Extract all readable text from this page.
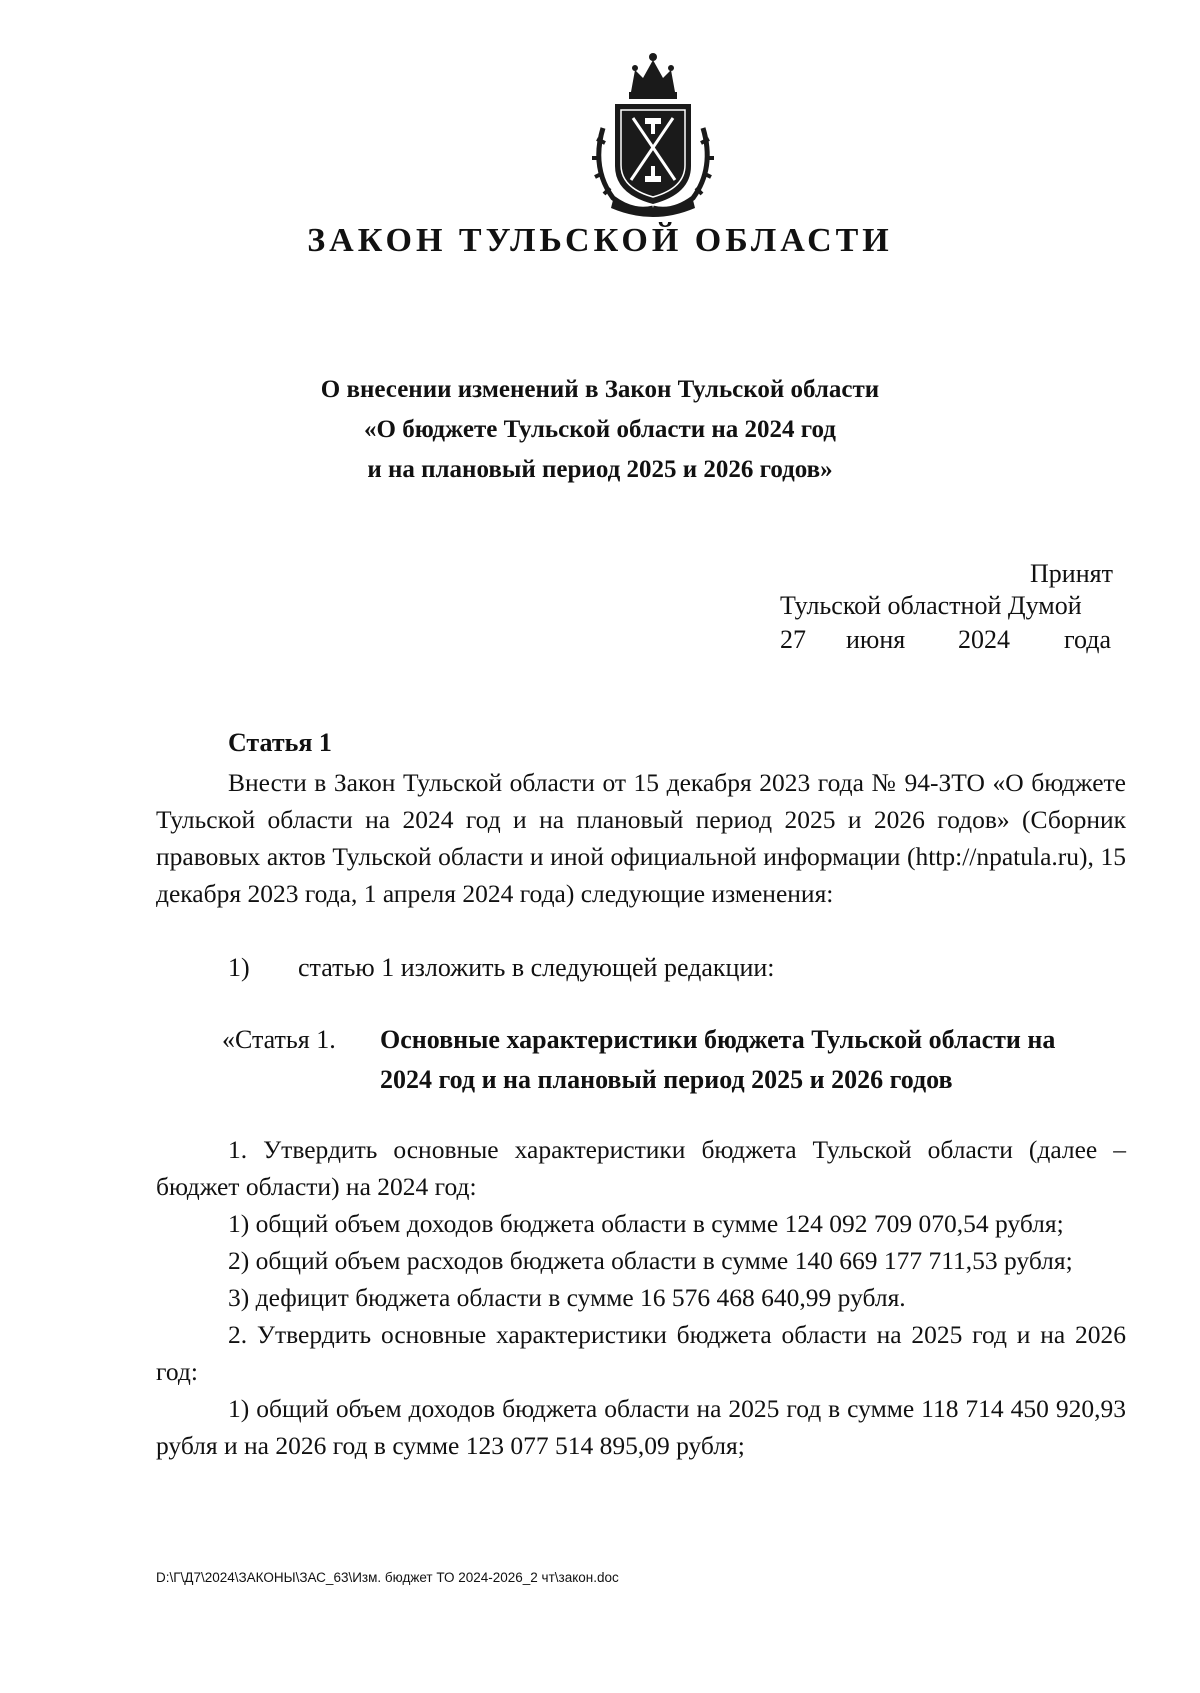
ЗАКОН ТУЛЬСКОЙ ОБЛАСТИ
О внесении изменений в Закон Тульской области
«О бюджете Тульской области на 2024 год
и на плановый период 2025 и 2026 годов»
Принят
Тульской областной Думой
27 июня 2024 года
Статья 1

Внести в Закон Тульской области от 15 декабря 2023 года № 94-ЗТО «О бюджете Тульской области на 2024 год и на плановый период 2025 и 2026 годов» (Сборник правовых актов Тульской области и иной официальной информации (http://npatula.ru), 15 декабря 2023 года, 1 апреля 2024 года) следующие изменения:

1) статью 1 изложить в следующей редакции:
«Статья 1. Основные характеристики бюджета Тульской области на 2024 год и на плановый период 2025 и 2026 годов

1. Утвердить основные характеристики бюджета Тульской области (далее – бюджет области) на 2024 год:

1) общий объем доходов бюджета области в сумме 124 092 709 070,54 рубля;

2) общий объем расходов бюджета области в сумме 140 669 177 711,53 рубля;

3) дефицит бюджета области в сумме 16 576 468 640,99 рубля.

2. Утвердить основные характеристики бюджета области на 2025 год и на 2026 год:

1) общий объем доходов бюджета области на 2025 год в сумме 118 714 450 920,93 рубля и на 2026 год в сумме 123 077 514 895,09 рубля;

D:\Г\Д7\2024\ЗАКОНЫ\ЗАС_63\Изм. бюджет ТО 2024-2026_2 чт\закон.doc
